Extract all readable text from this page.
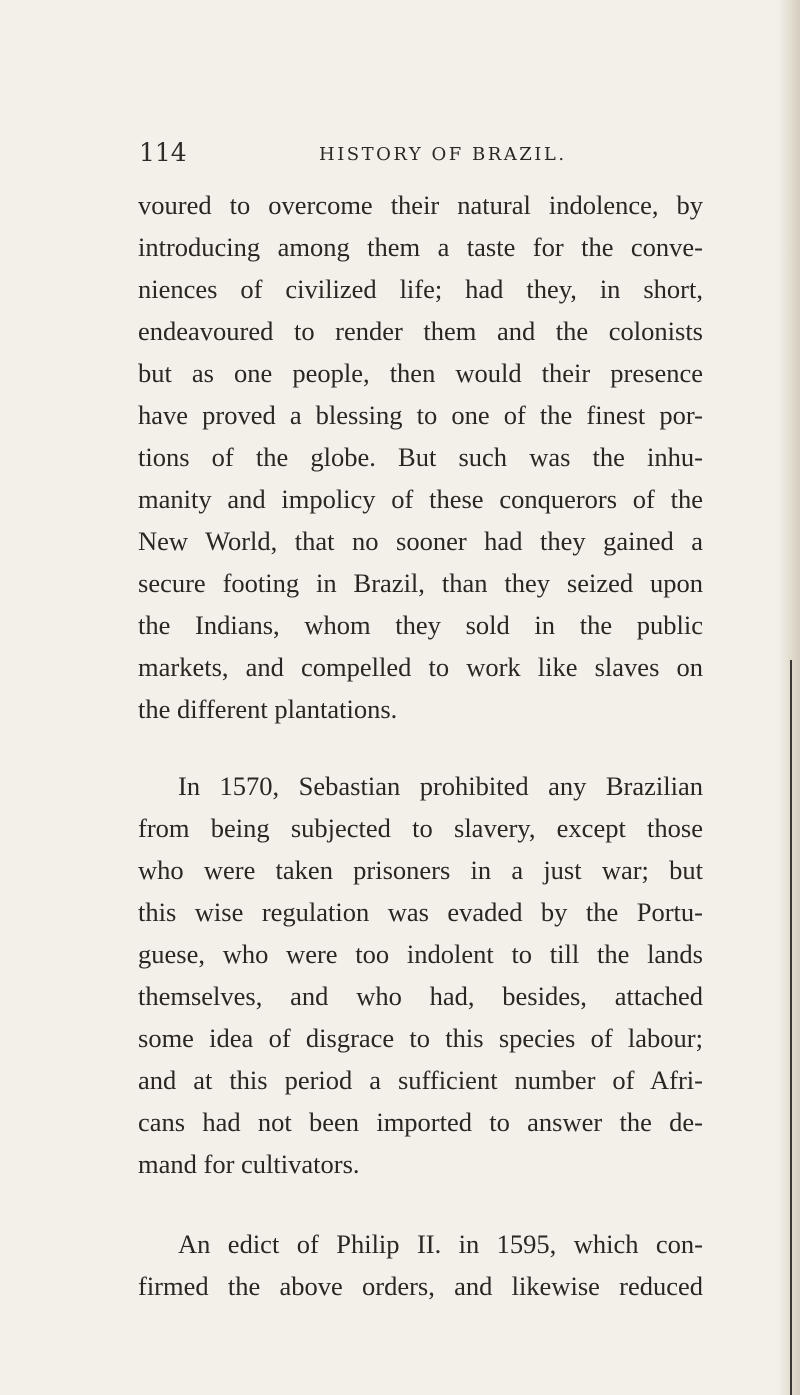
114	HISTORY OF BRAZIL.
voured to overcome their natural indolence, by
introducing among them a taste for the conve-
niences of civilized life; had they, in short,
endeavoured to render them and the colonists
but as one people, then would their presence
have proved a blessing to one of the finest por-
tions of the globe. But such was the inhu-
manity and impolicy of these conquerors of the
New World, that no sooner had they gained a
secure footing in Brazil, than they seized upon
the Indians, whom they sold in the public
markets, and compelled to work like slaves on
the different plantations.
In 1570, Sebastian prohibited any Brazilian
from being subjected to slavery, except those
who were taken prisoners in a just war; but
this wise regulation was evaded by the Portu-
guese, who were too indolent to till the lands
themselves, and who had, besides, attached
some idea of disgrace to this species of labour;
and at this period a sufficient number of Afri-
cans had not been imported to answer the de-
mand for cultivators.
An edict of Philip II. in 1595, which con-
firmed the above orders, and likewise reduced
